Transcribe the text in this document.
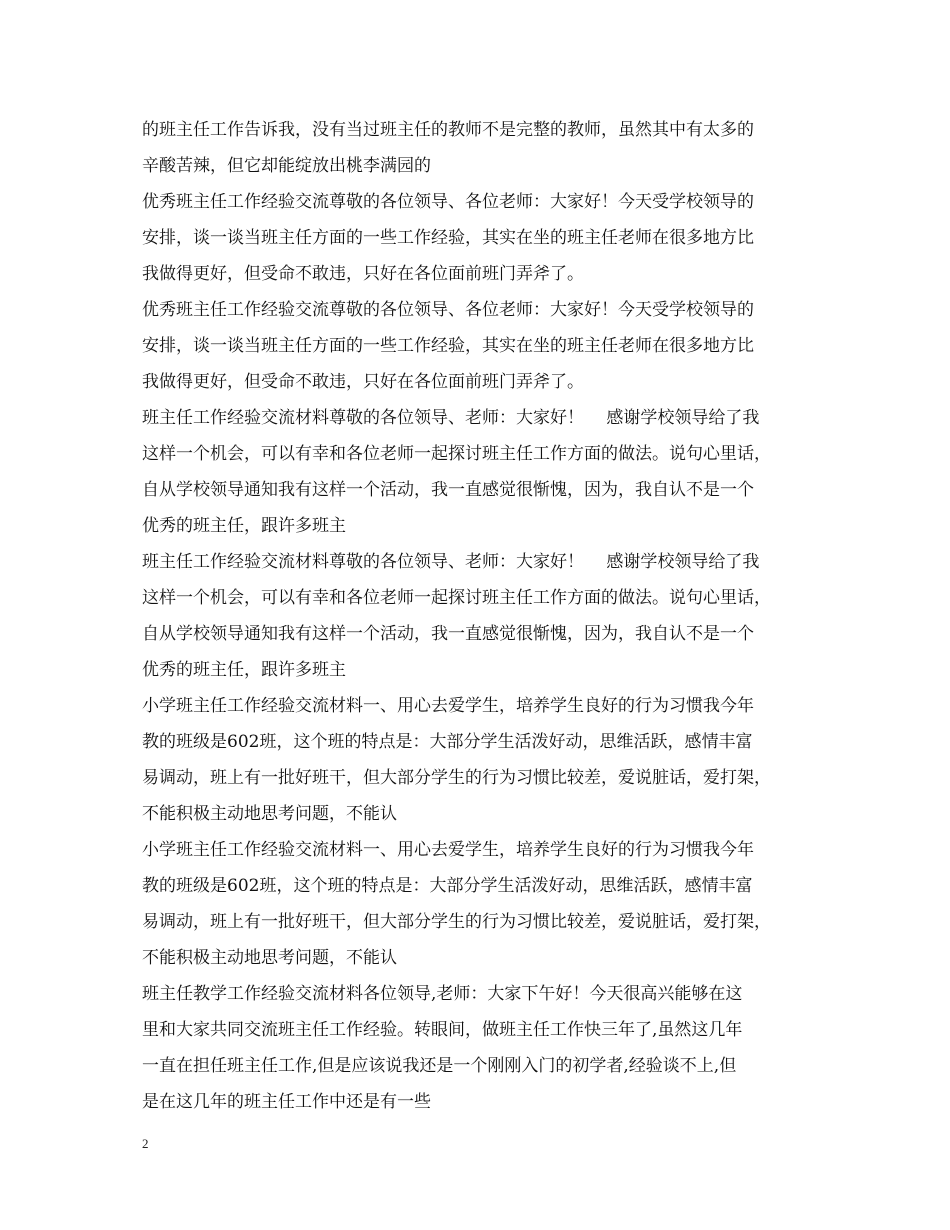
的班主任工作告诉我，没有当过班主任的教师不是完整的教师，虽然其中有太多的
辛酸苦辣，但它却能绽放出桃李满园的
优秀班主任工作经验交流尊敬的各位领导、各位老师：大家好！今天受学校领导的
安排，谈一谈当班主任方面的一些工作经验，其实在坐的班主任老师在很多地方比
我做得更好，但受命不敢违，只好在各位面前班门弄斧了。
优秀班主任工作经验交流尊敬的各位领导、各位老师：大家好！今天受学校领导的
安排，谈一谈当班主任方面的一些工作经验，其实在坐的班主任老师在很多地方比
我做得更好，但受命不敢违，只好在各位面前班门弄斧了。
班主任工作经验交流材料尊敬的各位领导、老师：大家好！　 感谢学校领导给了我
这样一个机会，可以有幸和各位老师一起探讨班主任工作方面的做法。说句心里话，
自从学校领导通知我有这样一个活动，我一直感觉很惭愧，因为，我自认不是一个
优秀的班主任，跟许多班主
班主任工作经验交流材料尊敬的各位领导、老师：大家好！　 感谢学校领导给了我
这样一个机会，可以有幸和各位老师一起探讨班主任工作方面的做法。说句心里话，
自从学校领导通知我有这样一个活动，我一直感觉很惭愧，因为，我自认不是一个
优秀的班主任，跟许多班主
小学班主任工作经验交流材料一、用心去爱学生，培养学生良好的行为习惯我今年
教的班级是602班，这个班的特点是：大部分学生活泼好动，思维活跃，感情丰富
易调动，班上有一批好班干，但大部分学生的行为习惯比较差，爱说脏话，爱打架，
不能积极主动地思考问题，不能认
小学班主任工作经验交流材料一、用心去爱学生，培养学生良好的行为习惯我今年
教的班级是602班，这个班的特点是：大部分学生活泼好动，思维活跃，感情丰富
易调动，班上有一批好班干，但大部分学生的行为习惯比较差，爱说脏话，爱打架，
不能积极主动地思考问题，不能认
班主任教学工作经验交流材料各位领导,老师：大家下午好！今天很高兴能够在这
里和大家共同交流班主任工作经验。转眼间，做班主任工作快三年了,虽然这几年
一直在担任班主任工作,但是应该说我还是一个刚刚入门的初学者,经验谈不上,但
是在这几年的班主任工作中还是有一些
2
